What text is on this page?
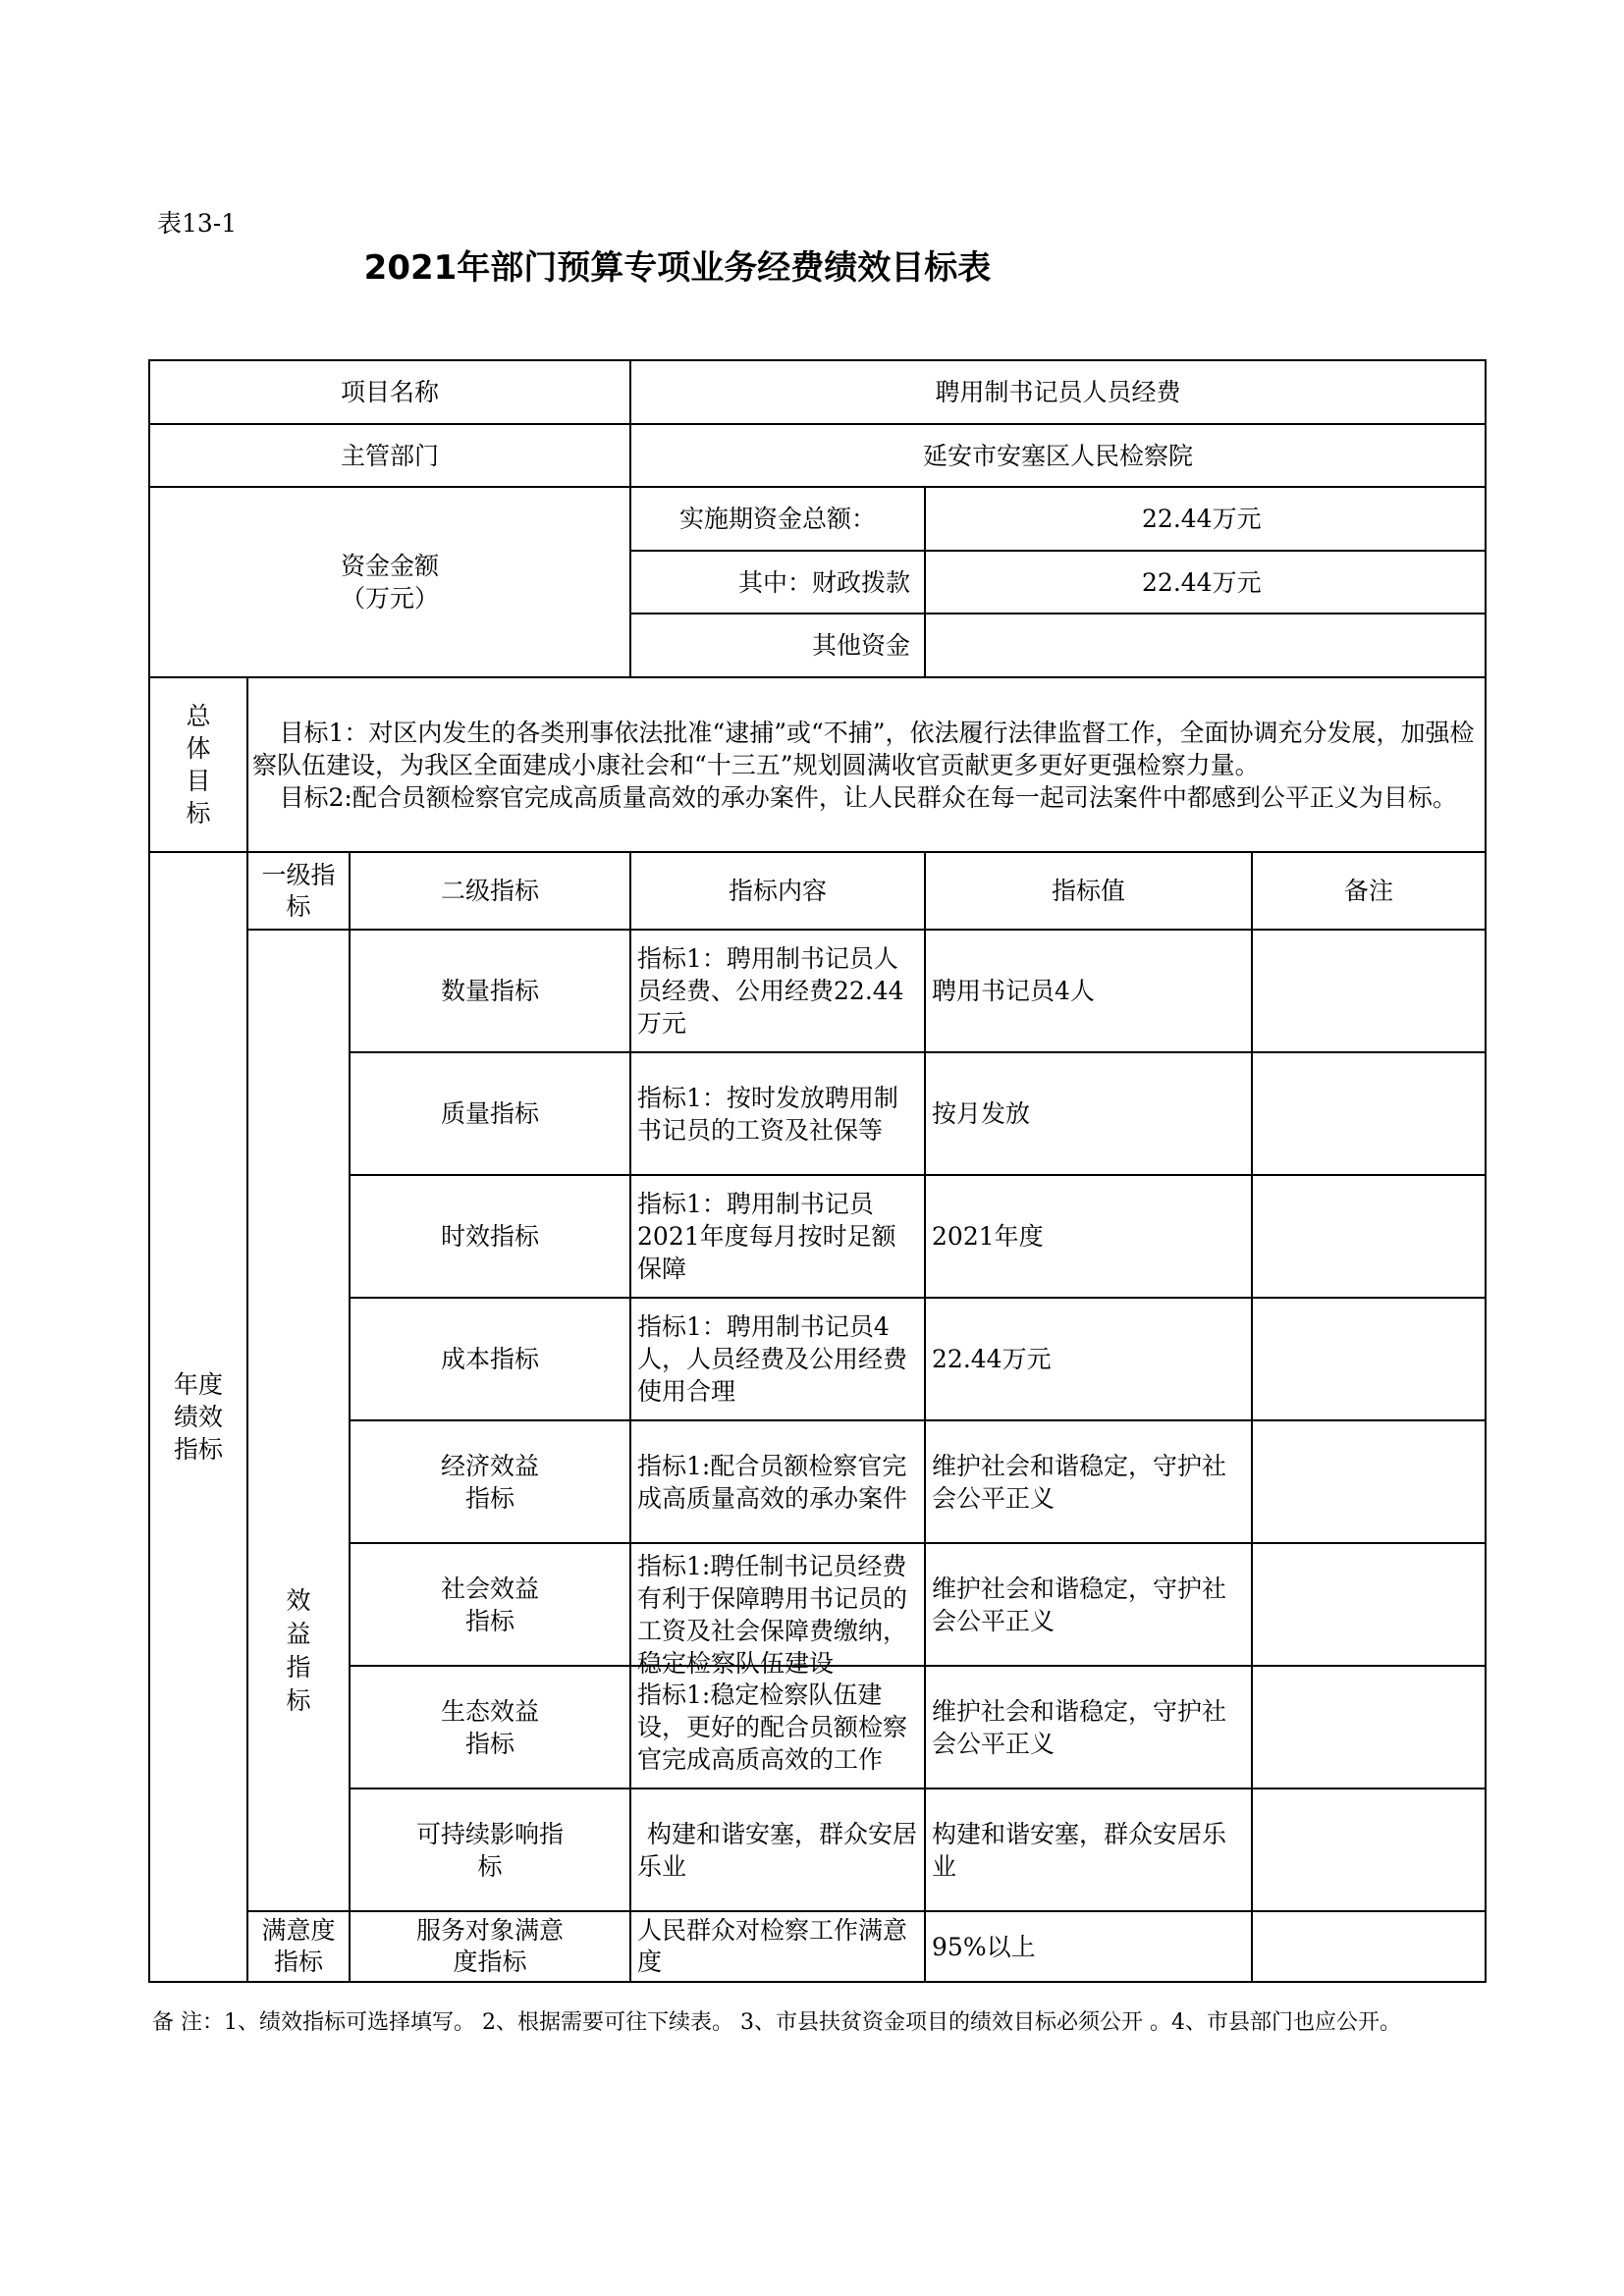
表13-1
2021年部门预算专项业务经费绩效目标表
项目名称			聘用制书记员人员经费		
主管部门			延安市安塞区人民检察院		

资金金额
（万元）			实施期资金总额：	22.44万元	
			其中：财政拨款	22.44万元	
			其他资金		

总体目标	目标1：对区内发生的各类刑事依法批准“逮捕”或“不捕”，依法履行法律监督工作，全面协调充分发展，加强检察队伍建设，为我区全面建成小康社会和“十三五”规划圆满收官贡献更多更好更强检察力量。
目标2:配合员额检察官完成高质量高效的承办案件，让人民群众在每一起司法案件中都感到公平正义为目标。				

年度绩效指标	一级指标	二级指标	指标内容	指标值	备注

	效益指标	数量指标	指标1：聘用制书记员人员经费、公用经费22.44万元	聘用书记员4人	
		质量指标	指标1：按时发放聘用制书记员的工资及社保等	按月发放	
		时效指标	指标1：聘用制书记员2021年度每月按时足额保障	2021年度	
		成本指标	指标1：聘用制书记员4人，人员经费及公用经费使用合理	22.44万元	

		经济效益指标	指标1:配合员额检察官完成高质量高效的承办案件	维护社会和谐稳定，守护社会公平正义	

		社会效益指标	指标1:聘任制书记员经费有利于保障聘用书记员的工资及社会保障费缴纳，稳定检察队伍建设	维护社会和谐稳定，守护社会公平正义	

		生态效益指标	指标1:稳定检察队伍建设，更好的配合员额检察官完成高质高效的工作	维护社会和谐稳定，守护社会公平正义	

		可持续影响指标	构建和谐安塞，群众安居乐业	构建和谐安塞，群众安居乐业	

	满意度指标	服务对象满意度指标	人民群众对检察工作满意度	95%以上	
备 注：1、绩效指标可选择填写。 2、根据需要可往下续表。 3、市县扶贫资金项目的绩效目标必须公开 。4、市县部门也应公开。
